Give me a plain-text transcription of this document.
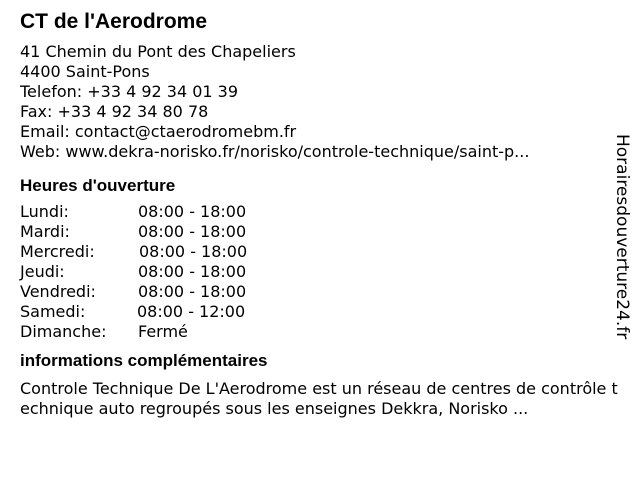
CT de l'Aerodrome
41 Chemin du Pont des Chapeliers
4400 Saint-Pons
Telefon: +33 4 92 34 01 39
Fax: +33 4 92 34 80 78
Email: contact@ctaerodromebm.fr
Web: www.dekra-norisko.fr/norisko/controle-technique/saint-p...
Heures d'ouverture
Lundi:	08:00 - 18:00
Mardi:	08:00 - 18:00
Mercredi:	08:00 - 18:00
Jeudi:	08:00 - 18:00
Vendredi:	08:00 - 18:00
Samedi:	08:00 - 12:00
Dimanche:	Fermé
informations complémentaires
Controle Technique De L'Aerodrome est un réseau de centres de contrôle technique auto regroupés sous les enseignes Dekkra, Norisko ...
Horairesdouverture24.fr
